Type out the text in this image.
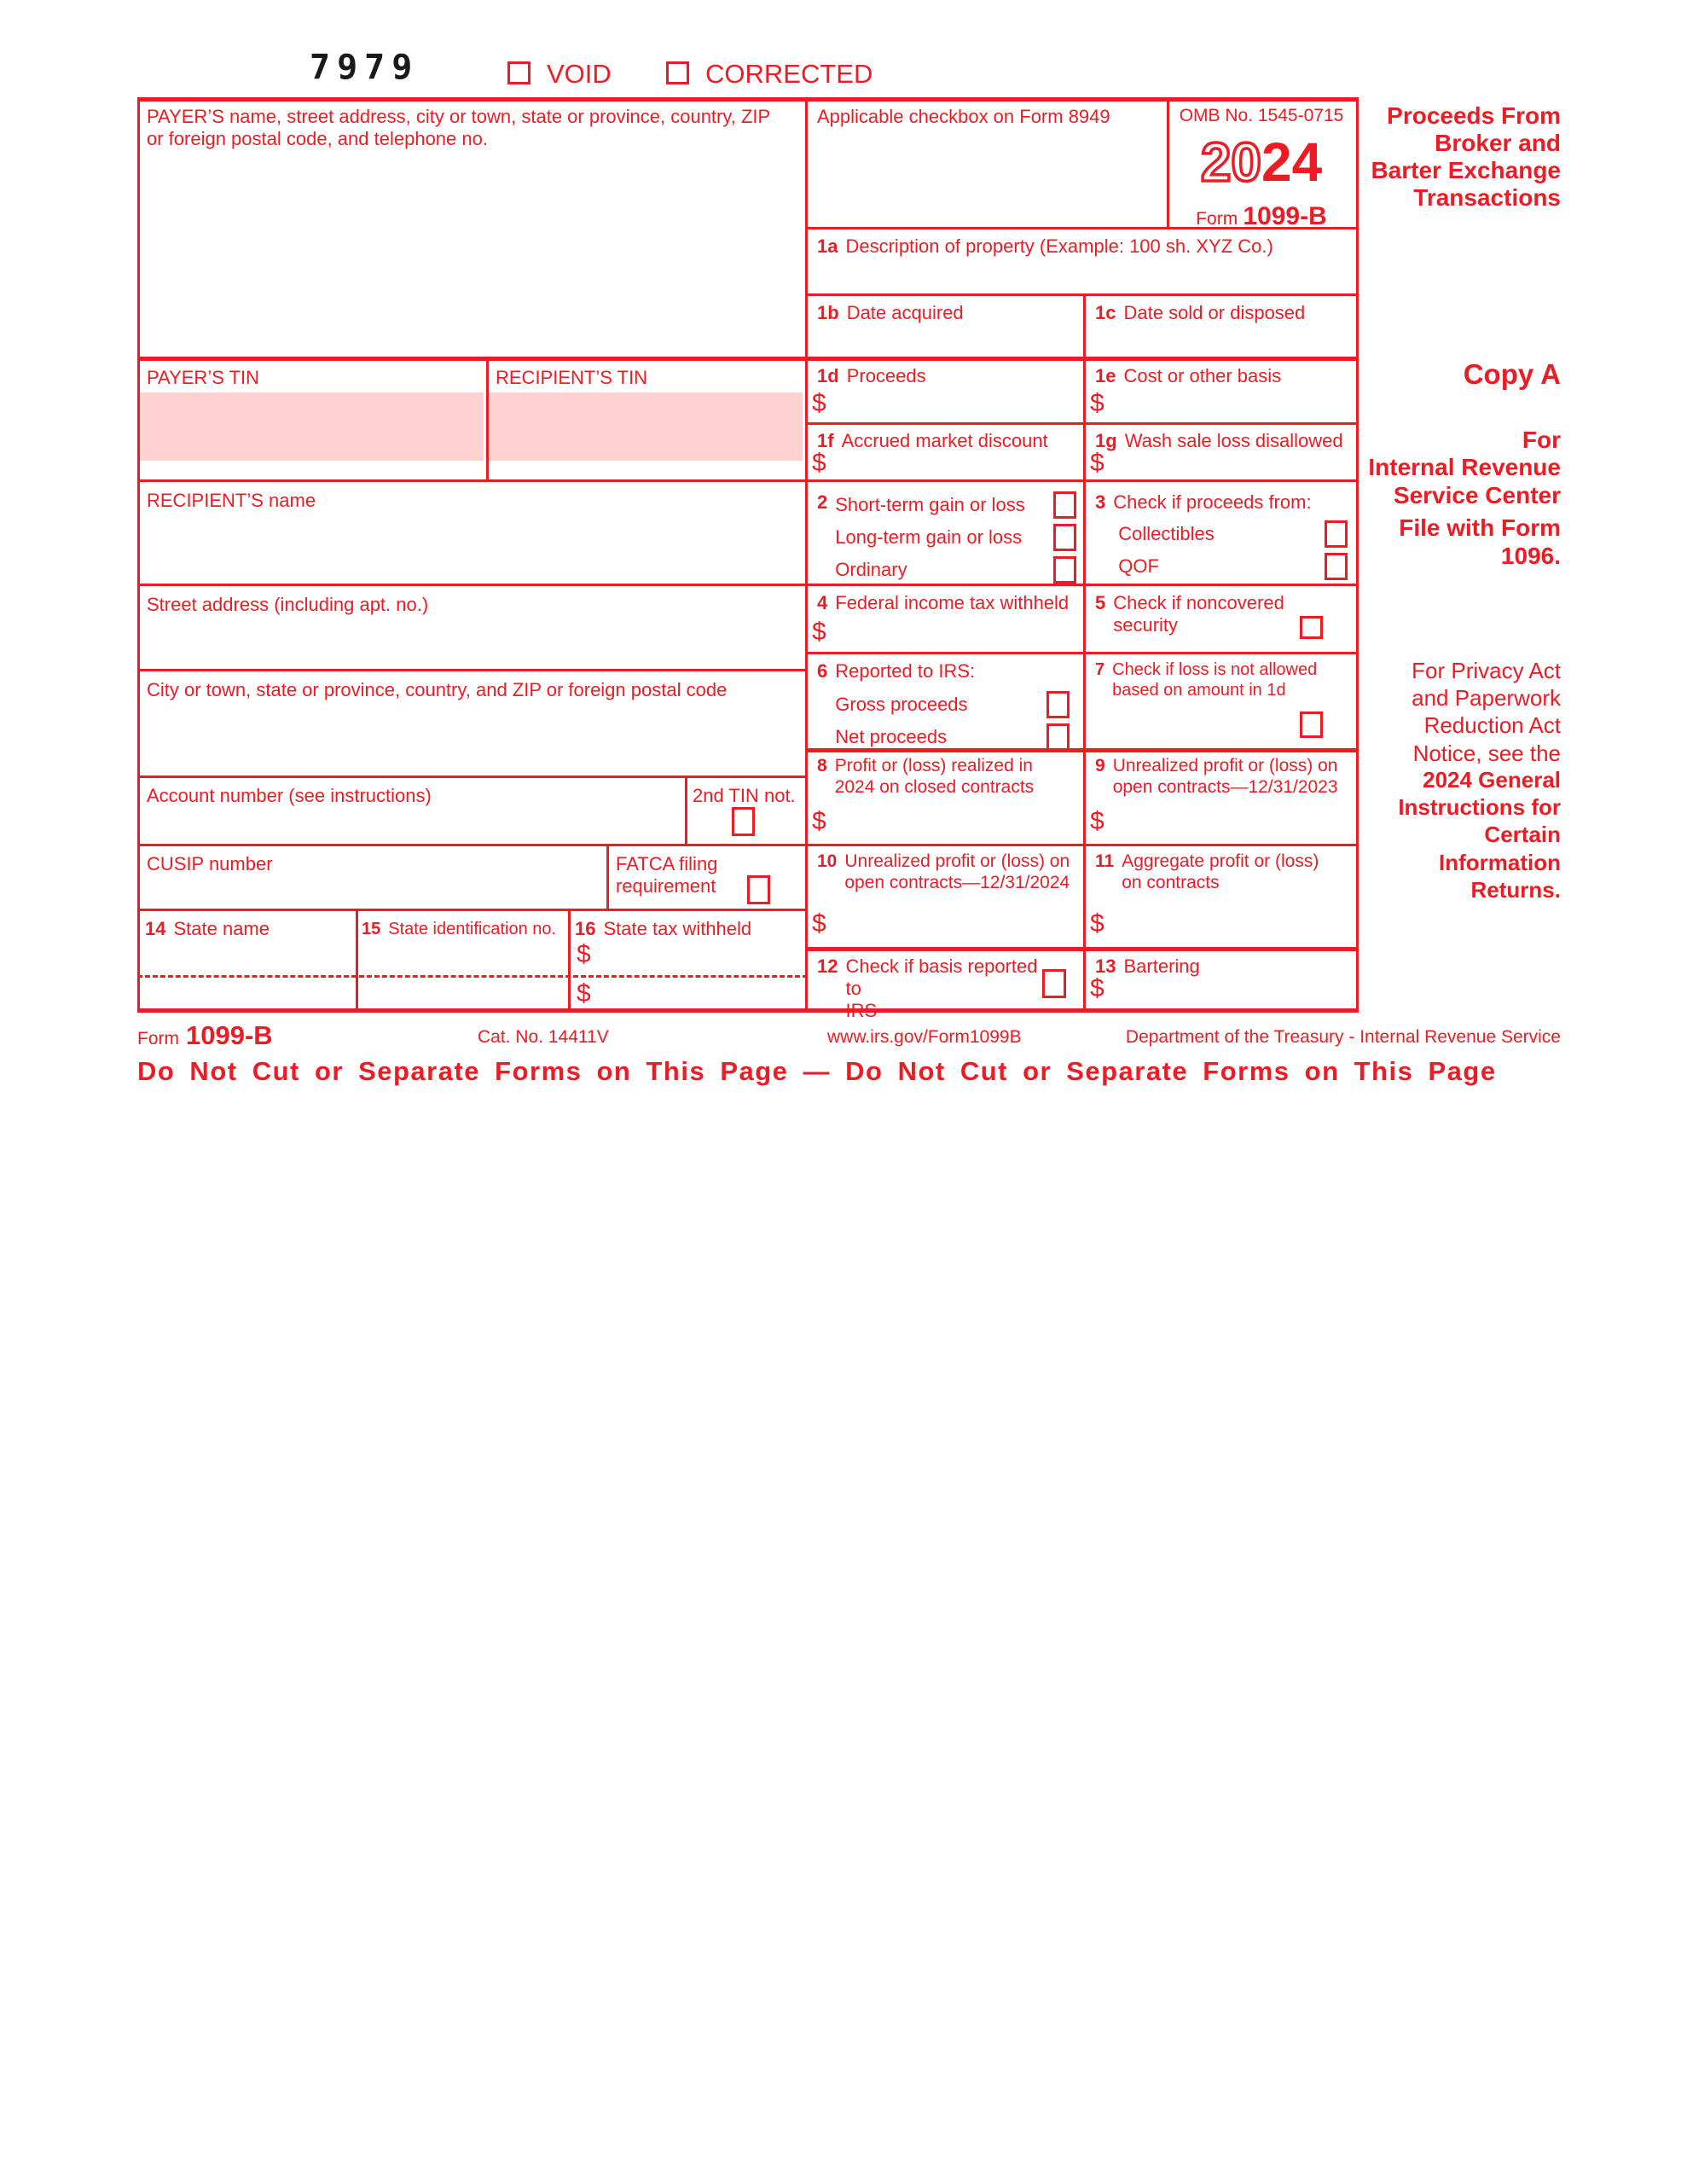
7979	VOID	CORRECTED
PAYER’S name, street address, city or town, state or province, country, ZIP or foreign postal code, and telephone no.
Applicable checkbox on Form 8949	OMB No. 1545-0715
2024
Form 1099-B
Proceeds From
Broker and
Barter Exchange
Transactions
PAYER’S TIN	RECIPIENT’S TIN
1a Description of property (Example: 100 sh. XYZ Co.)
1b Date acquired	1c Date sold or disposed
1d Proceeds
$
1e Cost or other basis
$
1f Accrued market discount
$
1g Wash sale loss disallowed
$
RECIPIENT’S name	2 Short-term gain or loss
Long-term gain or loss
Ordinary
3 Check if proceeds from:
Collectibles
QOF
Street address (including apt. no.)	4 Federal income tax withheld
$
5 Check if noncovered security
City or town, state or province, country, and ZIP or foreign postal code
6 Reported to IRS:
Gross proceeds
Net proceeds
7 Check if loss is not allowed
based on amount in 1d
Account number (see instructions)	2nd TIN not.
8 Profit or (loss) realized in
2024 on closed contracts
$
9 Unrealized profit or (loss) on
open contracts—12/31/2023
$
CUSIP number	FATCA filing
requirement
10 Unrealized profit or (loss) on
open contracts—12/31/2024
$
11 Aggregate profit or (loss)
on contracts
$
14 State name	15 State identification no. 16 State tax withheld
$
$
12 Check if basis reported to
IRS
13 Bartering
$
Copy A
For
Internal Revenue
Service Center
File with Form 1096.
For Privacy Act
and Paperwork
Reduction Act
Notice, see the
2024 General
Instructions for
Certain
Information
Returns.
Form 1099-B	Cat. No. 14411V	www.irs.gov/Form1099B	Department of the Treasury - Internal Revenue Service
Do Not Cut or Separate Forms on This Page — Do Not Cut or Separate Forms on This Page
